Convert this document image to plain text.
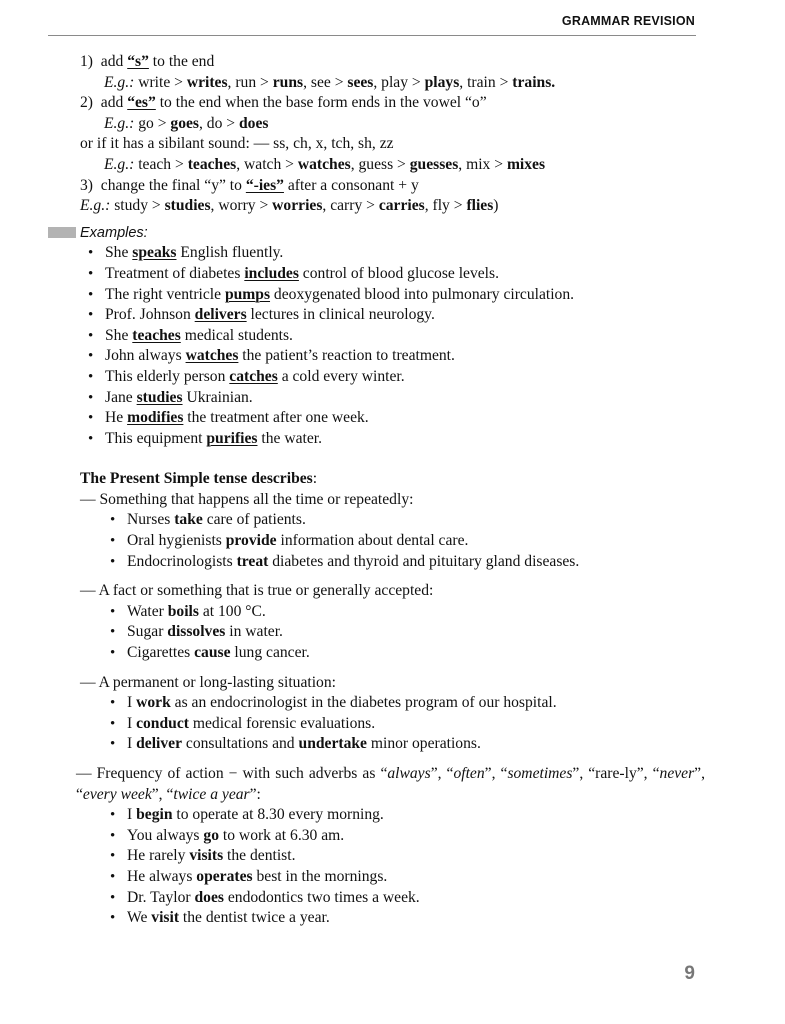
GRAMMAR REVISION
1) add “s” to the end
E.g.: write > writes, run > runs, see > sees, play > plays, train > trains.
2) add “es” to the end when the base form ends in the vowel “o”
E.g.: go > goes, do > does
or if it has a sibilant sound: — ss, ch, x, tch, sh, zz
E.g.: teach > teaches, watch > watches, guess > guesses, mix > mixes
3) change the final “y” to “-ies” after a consonant + y
E.g.: study > studies, worry > worries, carry > carries, fly > flies)
Examples:
• She speaks English fluently.
• Treatment of diabetes includes control of blood glucose levels.
• The right ventricle pumps deoxygenated blood into pulmonary circulation.
• Prof. Johnson delivers lectures in clinical neurology.
• She teaches medical students.
• John always watches the patient’s reaction to treatment.
• This elderly person catches a cold every winter.
• Jane studies Ukrainian.
• He modifies the treatment after one week.
• This equipment purifies the water.
The Present Simple tense describes:
— Something that happens all the time or repeatedly:
• Nurses take care of patients.
• Oral hygienists provide information about dental care.
• Endocrinologists treat diabetes and thyroid and pituitary gland diseases.
— A fact or something that is true or generally accepted:
• Water boils at 100 °C.
• Sugar dissolves in water.
• Cigarettes cause lung cancer.
— A permanent or long-lasting situation:
• I work as an endocrinologist in the diabetes program of our hospital.
• I conduct medical forensic evaluations.
• I deliver consultations and undertake minor operations.
— Frequency of action − with such adverbs as “always”, “often”, “sometimes”, “rare-ly”, “never”, “every week”, “twice a year”:
• I begin to operate at 8.30 every morning.
• You always go to work at 6.30 am.
• He rarely visits the dentist.
• He always operates best in the mornings.
• Dr. Taylor does endodontics two times a week.
• We visit the dentist twice a year.
9
